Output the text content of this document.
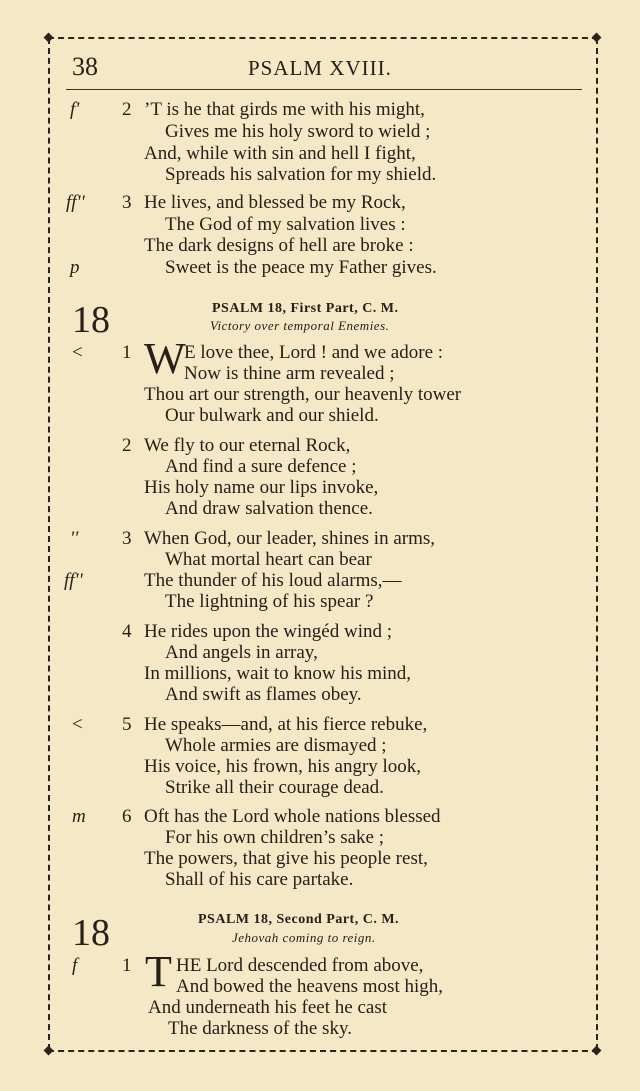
38	PSALM XVIII.
f' 2 ’T is he that girds me with his might,
Gives me his holy sword to wield ;
And, while with sin and hell I fight,
Spreads his salvation for my shield.
ff'' 3 He lives, and blessed be my Rock,
The God of my salvation lives :
The dark designs of hell are broke :
p	Sweet is the peace my Father gives.
18	PSALM 18, First Part, C. M.
Victory over temporal Enemies.
< 1 W
E love thee, Lord ! and we adore :
Now is thine arm revealed ;
Thou art our strength, our heavenly tower
Our bulwark and our shield.
2 We fly to our eternal Rock,
And find a sure defence ;
His holy name our lips invoke,
And draw salvation thence.
'' 3 When God, our leader, shines in arms,
What mortal heart can bear
ff''	The thunder of his loud alarms,—
The lightning of his spear ?
4 He rides upon the wingéd wind ;
And angels in array,
In millions, wait to know his mind,
And swift as flames obey.
< 5 He speaks—and, at his fierce rebuke,
Whole armies are dismayed ;
His voice, his frown, his angry look,
Strike all their courage dead.
m 6 Oft has the Lord whole nations blessed
For his own children’s sake ;
The powers, that give his people rest,
Shall of his care partake.
18	PSALM 18, Second Part, C. M.
Jehovah coming to reign.
f 1 T HE Lord descended from above,
And bowed the heavens most high,
And underneath his feet he cast
The darkness of the sky.
